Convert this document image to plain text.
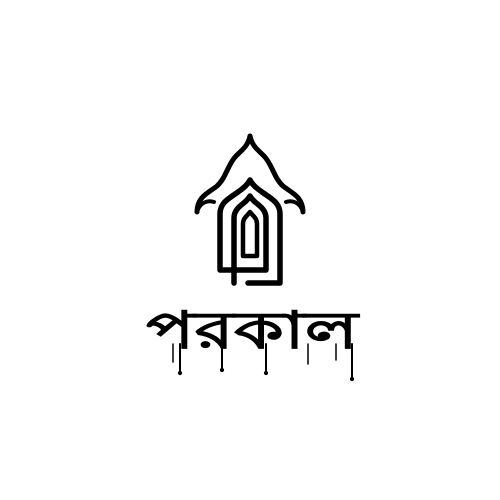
পরকাল
